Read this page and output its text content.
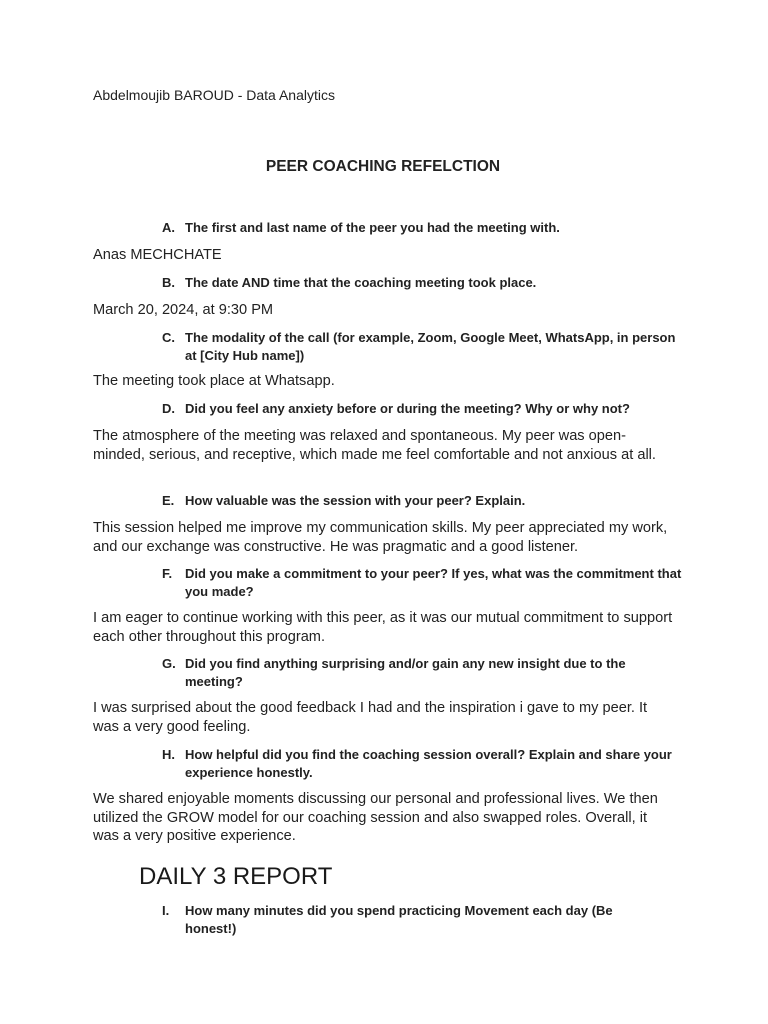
Abdelmoujib BAROUD - Data Analytics
PEER COACHING REFELCTION
A. The first and last name of the peer you had the meeting with.
Anas MECHCHATE
B. The date AND time that the coaching meeting took place.
March 20, 2024, at 9:30 PM
C. The modality of the call (for example, Zoom, Google Meet, WhatsApp, in person at [City Hub name])
The meeting took place at Whatsapp.
D. Did you feel any anxiety before or during the meeting? Why or why not?
The atmosphere of the meeting was relaxed and spontaneous. My peer was open-minded, serious, and receptive, which made me feel comfortable and not anxious at all.
E. How valuable was the session with your peer? Explain.
This session helped me improve my communication skills. My peer appreciated my work, and our exchange was constructive. He was pragmatic and a good listener.
F. Did you make a commitment to your peer? If yes, what was the commitment that you made?
I am eager to continue working with this peer, as it was our mutual commitment to support each other throughout this program.
G. Did you find anything surprising and/or gain any new insight due to the meeting?
I was surprised about the good feedback I had and the inspiration i gave to my peer. It was a very good feeling.
H. How helpful did you find the coaching session overall? Explain and share your experience honestly.
We shared enjoyable moments discussing our personal and professional lives. We then utilized the GROW model for our coaching session and also swapped roles. Overall, it was a very positive experience.
DAILY 3 REPORT
I. How many minutes did you spend practicing Movement each day (Be honest!)
